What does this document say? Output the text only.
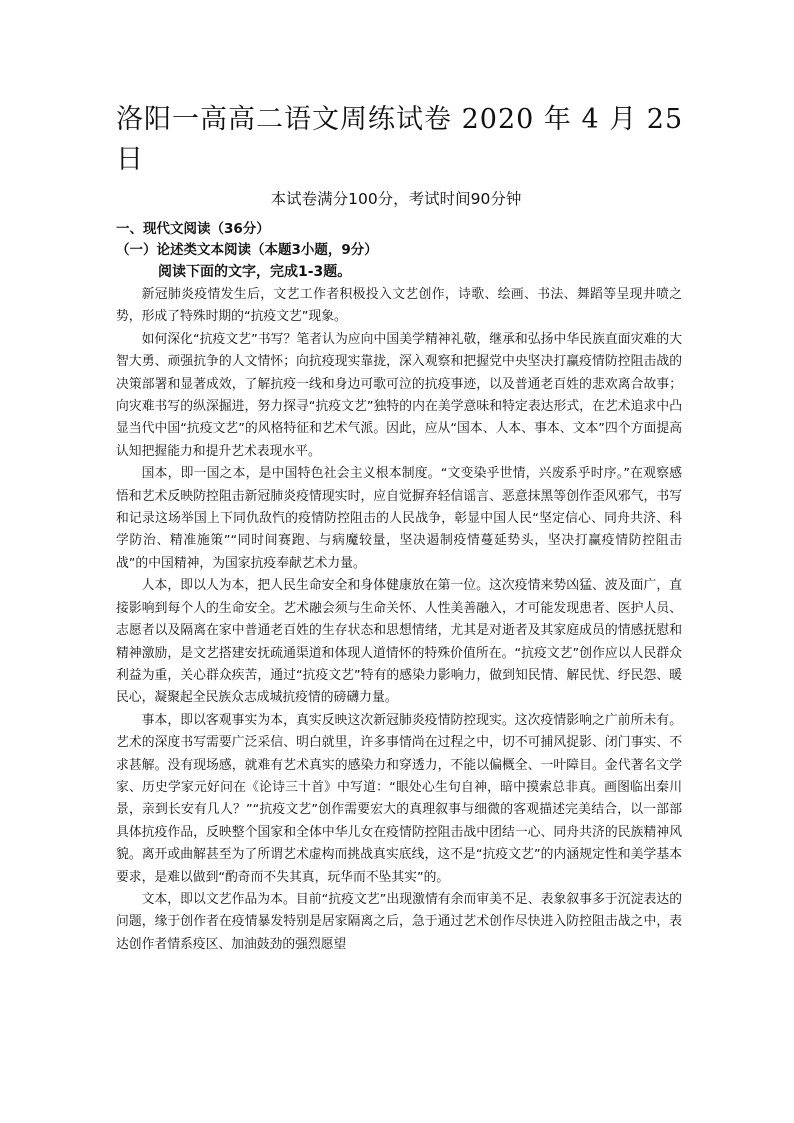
洛阳一高高二语文周练试卷 2020 年 4 月 25 日
本试卷满分100分，考试时间90分钟
一、现代文阅读（36分）
（一）论述类文本阅读（本题3小题，9分）
阅读下面的文字，完成1-3题。

新冠肺炎疫情发生后，文艺工作者积极投入文艺创作，诗歌、绘画、书法、舞蹈等呈现井喷之势，形成了特殊时期的“抗疫文艺”现象。

如何深化“抗疫文艺”书写？笔者认为应向中国美学精神礼敬，继承和弘扬中华民族直面灾难的大智大勇、顽强抗争的人文情怀；向抗疫现实靠拢，深入观察和把握党中央坚决打赢疫情防控阻击战的决策部署和显著成效，了解抗疫一线和身边可歌可泣的抗疫事迹，以及普通老百姓的悲欢离合故事；向灾难书写的纵深掘进，努力探寻“抗疫文艺”独特的内在美学意味和特定表达形式，在艺术追求中凸显当代中国“抗疫文艺”的风格特征和艺术气派。因此，应从“国本、人本、事本、文本”四个方面提高认知把握能力和提升艺术表现水平。

国本，即一国之本，是中国特色社会主义根本制度。“文变染乎世情，兴废系乎时序。”在观察感悟和艺术反映防控阻击新冠肺炎疫情现实时，应自觉摒弃轻信谣言、恶意抹黑等创作歪风邪气，书写和记录这场举国上下同仇敌忾的疫情防控阻击的人民战争，彰显中国人民“坚定信心、同舟共济、科学防治、精准施策”“同时间赛跑、与病魔较量，坚决遏制疫情蔓延势头，坚决打赢疫情防控阻击战”的中国精神，为国家抗疫奉献艺术力量。

人本，即以人为本，把人民生命安全和身体健康放在第一位。这次疫情来势凶猛、波及面广，直接影响到每个人的生命安全。艺术融会须与生命关怀、人性美善融入，才可能发现患者、医护人员、志愿者以及隔离在家中普通老百姓的生存状态和思想情绪，尤其是对逝者及其家庭成员的情感抚慰和精神激励，是文艺搭建安抚疏通渠道和体现人道情怀的特殊价值所在。“抗疫文艺”创作应以人民群众利益为重，关心群众疾苦，通过“抗疫文艺”特有的感染力影响力，做到知民情、解民忧、纾民怨、暖民心，凝聚起全民族众志成城抗疫情的磅礴力量。

事本，即以客观事实为本，真实反映这次新冠肺炎疫情防控现实。这次疫情影响之广前所未有。艺术的深度书写需要广泛采信、明白就里，许多事情尚在过程之中，切不可捕风捉影、闭门事实、不求甚解。没有现场感，就难有艺术真实的感染力和穿透力，不能以偏概全、一叶障目。金代著名文学家、历史学家元好问在《论诗三十首》中写道：“眼处心生句自神，暗中摸索总非真。画图临出秦川景，亲到长安有几人？”“抗疫文艺”创作需要宏大的真理叙事与细微的客观描述完美结合，以一部部具体抗疫作品，反映整个国家和全体中华儿女在疫情防控阻击战中团结一心、同舟共济的民族精神风貌。离开或曲解甚至为了所谓艺术虚构而挑战真实底线，这不是“抗疫文艺”的内涵规定性和美学基本要求，是难以做到“酌奇而不失其真，玩华而不坠其实”的。

文本，即以文艺作品为本。目前“抗疫文艺”出现激情有余而审美不足、表象叙事多于沉淀表达的问题，缘于创作者在疫情暴发特别是居家隔离之后，急于通过艺术创作尽快进入防控阻击战之中，表达创作者情系疫区、加油鼓劲的强烈愿望
